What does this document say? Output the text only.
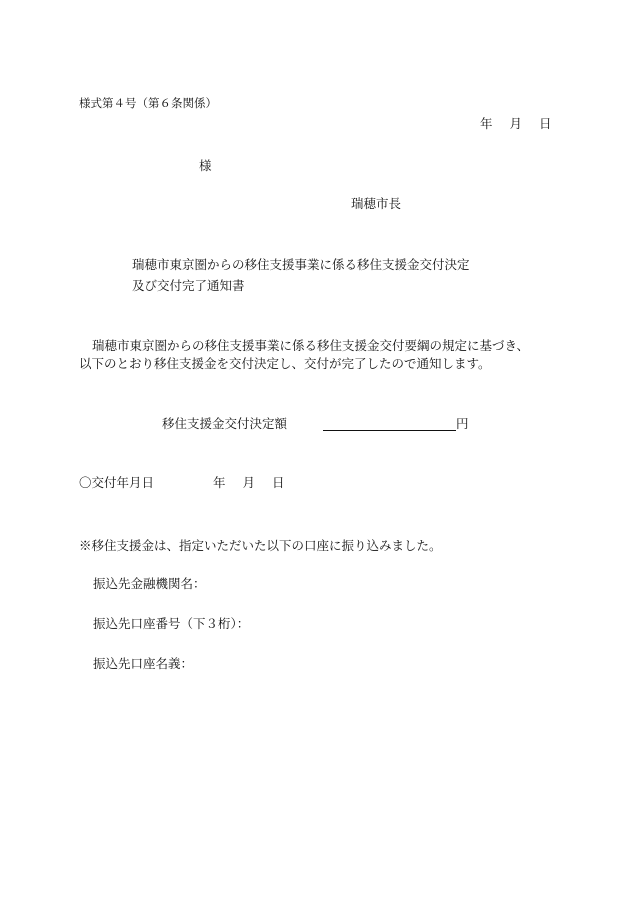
様式第４号（第６条関係）
年 月 日
様
瑞穂市長
瑞穂市東京圏からの移住支援事業に係る移住支援金交付決定
及び交付完了通知書
瑞穂市東京圏からの移住支援事業に係る移住支援金交付要綱の規定に基づき、
以下のとおり移住支援金を交付決定し、交付が完了したので通知します。
移住支援金交付決定額	円
〇交付年月日	年 月 日
※移住支援金は、指定いただいた以下の口座に振り込みました。
振込先金融機関名：
振込先口座番号（下３桁）：
振込先口座名義：
